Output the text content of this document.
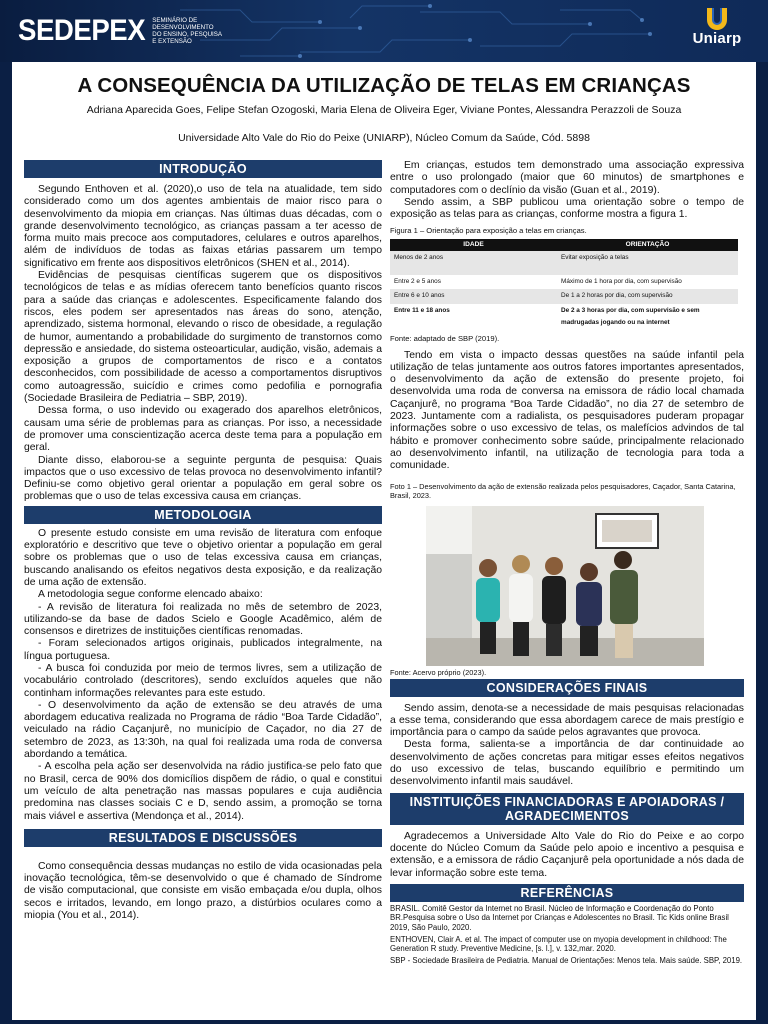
SEDEPEX SEMINÁRIO DE
DESENVOLVIMENTO
DO ENSINO, PESQUISA
E EXTENSÃO	Uniarp
A CONSEQUÊNCIA DA UTILIZAÇÃO DE TELAS EM CRIANÇAS
Adriana Aparecida Goes, Felipe Stefan Ozogoski, Maria Elena de Oliveira Eger, Viviane Pontes, Alessandra Perazzoli de Souza
Universidade Alto Vale do Rio do Peixe (UNIARP), Núcleo Comum da Saúde, Cód. 5898
INTRODUÇÃO

Segundo Enthoven et al. (2020),o uso de tela na atualidade, tem sido considerado como um dos agentes ambientais de maior risco para o desenvolvimento da miopia em crianças. Nas últimas duas décadas, com o grande desenvolvimento tecnológico, as crianças passam a ter acesso de forma muito mais precoce aos computadores, celulares e outros aparelhos, além de indivíduos de todas as faixas etárias passarem um tempo significativo em frente aos dispositivos eletrônicos (SHEN et al., 2014).

Evidências de pesquisas científicas sugerem que os dispositivos tecnológicos de telas e as mídias oferecem tanto benefícios quanto riscos para a saúde das crianças e adolescentes. Especificamente falando dos riscos, eles podem ser apresentados nas áreas do sono, atenção, aprendizado, sistema hormonal, elevando o risco de obesidade, a regulação de humor, aumentando a probabilidade do surgimento de transtornos como depressão e ansiedade, do sistema osteoarticular, audição, visão, ademais a exposição a grupos de comportamentos de risco e a contatos desconhecidos, com possibilidade de acesso a comportamentos disruptivos como autoagressão, suicídio e crimes como pedofilia e pornografia (Sociedade Brasileira de Pediatria – SBP, 2019).

Dessa forma, o uso indevido ou exagerado dos aparelhos eletrônicos, causam uma série de problemas para as crianças. Por isso, a necessidade de promover uma conscientização acerca deste tema para a população em geral.

Diante disso, elaborou-se a seguinte pergunta de pesquisa: Quais impactos que o uso excessivo de telas provoca no desenvolvimento infantil? Definiu-se como objetivo geral orientar a população em geral sobre os problemas que o uso de telas excessiva causa em crianças.

METODOLOGIA

O presente estudo consiste em uma revisão de literatura com enfoque exploratório e descritivo que teve o objetivo orientar a população em geral sobre os problemas que o uso de telas excessiva causa em crianças, buscando analisando os efeitos negativos desta exposição, e da realização de uma ação de extensão.

A metodologia segue conforme elencado abaixo:

- A revisão de literatura foi realizada no mês de setembro de 2023, utilizando-se da base de dados Scielo e Google Acadêmico, além de consensos e diretrizes de instituições científicas renomadas.

- Foram selecionados artigos originais, publicados integralmente, na língua portuguesa.

- A busca foi conduzida por meio de termos livres, sem a utilização de vocabulário controlado (descritores), sendo excluídos aqueles que não continham informações relevantes para este estudo.

- O desenvolvimento da ação de extensão se deu através de uma abordagem educativa realizada no Programa de rádio “Boa Tarde Cidadão”, veiculado na rádio Caçanjurê, no município de Caçador, no dia 27 de setembro de 2023, as 13:30h, na qual foi realizada uma roda de conversa abordando a temática.

- A escolha pela ação ser desenvolvida na rádio justifica-se pelo fato que no Brasil, cerca de 90% dos domicílios dispõem de rádio, o qual e constitui um veículo de alta penetração nas massas populares e cuja audiência predomina nas classes sociais C e D, sendo assim, a promoção se torna mais viável e assertiva (Mendonça et al., 2014).

RESULTADOS E DISCUSSÕES

Como consequência dessas mudanças no estilo de vida ocasionadas pela inovação tecnológica, têm-se desenvolvido o que é chamado de Síndrome de visão computacional, que consiste em visão embaçada e/ou dupla, olhos secos e irritados, levando, em longo prazo, a distúrbios oculares como a miopia (You et al., 2014).

Em crianças, estudos tem demonstrado uma associação expressiva entre o uso prolongado (maior que 60 minutos) de smartphones e computadores com o declínio da visão (Guan et al., 2019).

Sendo assim, a SBP publicou uma orientação sobre o tempo de exposição as telas para as crianças, conforme mostra a figura 1.

Figura 1 – Orientação para exposição a telas em crianças.
IDADE	ORIENTAÇÃO
Menos de 2 anos	Evitar exposição a telas
Entre 2 e 5 anos	Máximo de 1 hora por dia, com supervisão
Entre 6 e 10 anos	De 1 a 2 horas por dia, com supervisão
Entre 11 e 18 anos	De 2 a 3 horas por dia, com supervisão e sem madrugadas jogando ou na internet
Fonte: adaptado de SBP (2019).

Tendo em vista o impacto dessas questões na saúde infantil pela utilização de telas juntamente aos outros fatores importantes apresentados, o desenvolvimento da ação de extensão do presente projeto, foi desenvolvida uma roda de conversa na emissora de rádio local chamada Caçanjurê, no programa “Boa Tarde Cidadão”, no dia 27 de setembro de 2023. Juntamente com a radialista, os pesquisadores puderam propagar informações sobre o uso excessivo de telas, os malefícios advindos de tal hábito e promover conhecimento sobre saúde, principalmente relacionado ao desenvolvimento infantil, na utilização de tecnologia para toda a comunidade.

Foto 1 – Desenvolvimento da ação de extensão realizada pelos pesquisadores, Caçador, Santa Catarina, Brasil, 2023.

Fonte: Acervo próprio (2023).

CONSIDERAÇÕES FINAIS

Sendo assim, denota-se a necessidade de mais pesquisas relacionadas a esse tema, considerando que essa abordagem carece de mais prestígio e importância para o campo da saúde pelos agravantes que provoca.

Desta forma, salienta-se a importância de dar continuidade ao desenvolvimento de ações concretas para mitigar esses efeitos negativos do uso excessivo de telas, buscando equilíbrio e permitindo um desenvolvimento infantil mais saudável.

INSTITUIÇÕES FINANCIADORAS E APOIADORAS /
AGRADECIMENTOS

Agradecemos a Universidade Alto Vale do Rio do Peixe e ao corpo docente do Núcleo Comum da Saúde pelo apoio e incentivo a pesquisa e extensão, e a emissora de rádio Caçanjurê pela oportunidade a nós dada de levar informação sobre este tema.

REFERÊNCIAS

BRASIL. Comitê Gestor da Internet no Brasil. Núcleo de Informação e Coordenação do Ponto BR.Pesquisa sobre o Uso da Internet por Crianças e Adolescentes no Brasil. Tic Kids online Brasil 2019, São Paulo, 2020.

ENTHOVEN, Clair A. et al. The impact of computer use on myopia development in childhood: The Generation R study. Preventive Medicine, [s. l.], v. 132,mar. 2020.

SBP - Sociedade Brasileira de Pediatria. Manual de Orientações: Menos tela. Mais saúde. SBP, 2019.
